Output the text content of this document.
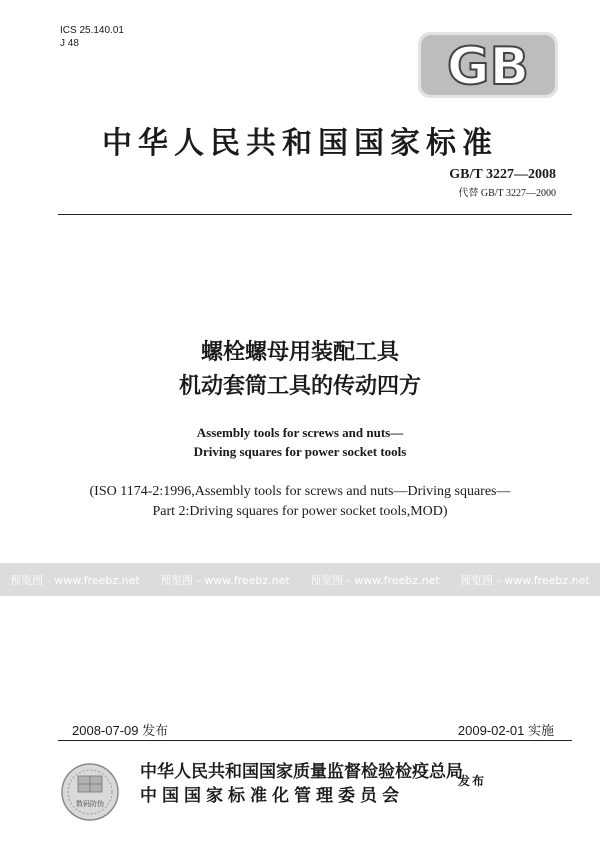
ICS 25.140.01
J 48	GB
中华人民共和国国家标准
GB/T 3227—2008
代替 GB/T 3227—2000
螺栓螺母用装配工具
机动套筒工具的传动四方
Assembly tools for screws and nuts—
Driving squares for power socket tools
(ISO 1174-2:1996,Assembly tools for screws and nuts—Driving squares—
Part 2:Driving squares for power socket tools,MOD)
预览图 - www.freebz.net 预览图 - www.freebz.net 预览图 - www.freebz.net 预览图 - www.freebz.net
2008-07-09 发布	2009-02-01 实施
数码防伪
中华人民共和国国家质量监督检验检疫总局
中国国家标准化管理委员会
发布
